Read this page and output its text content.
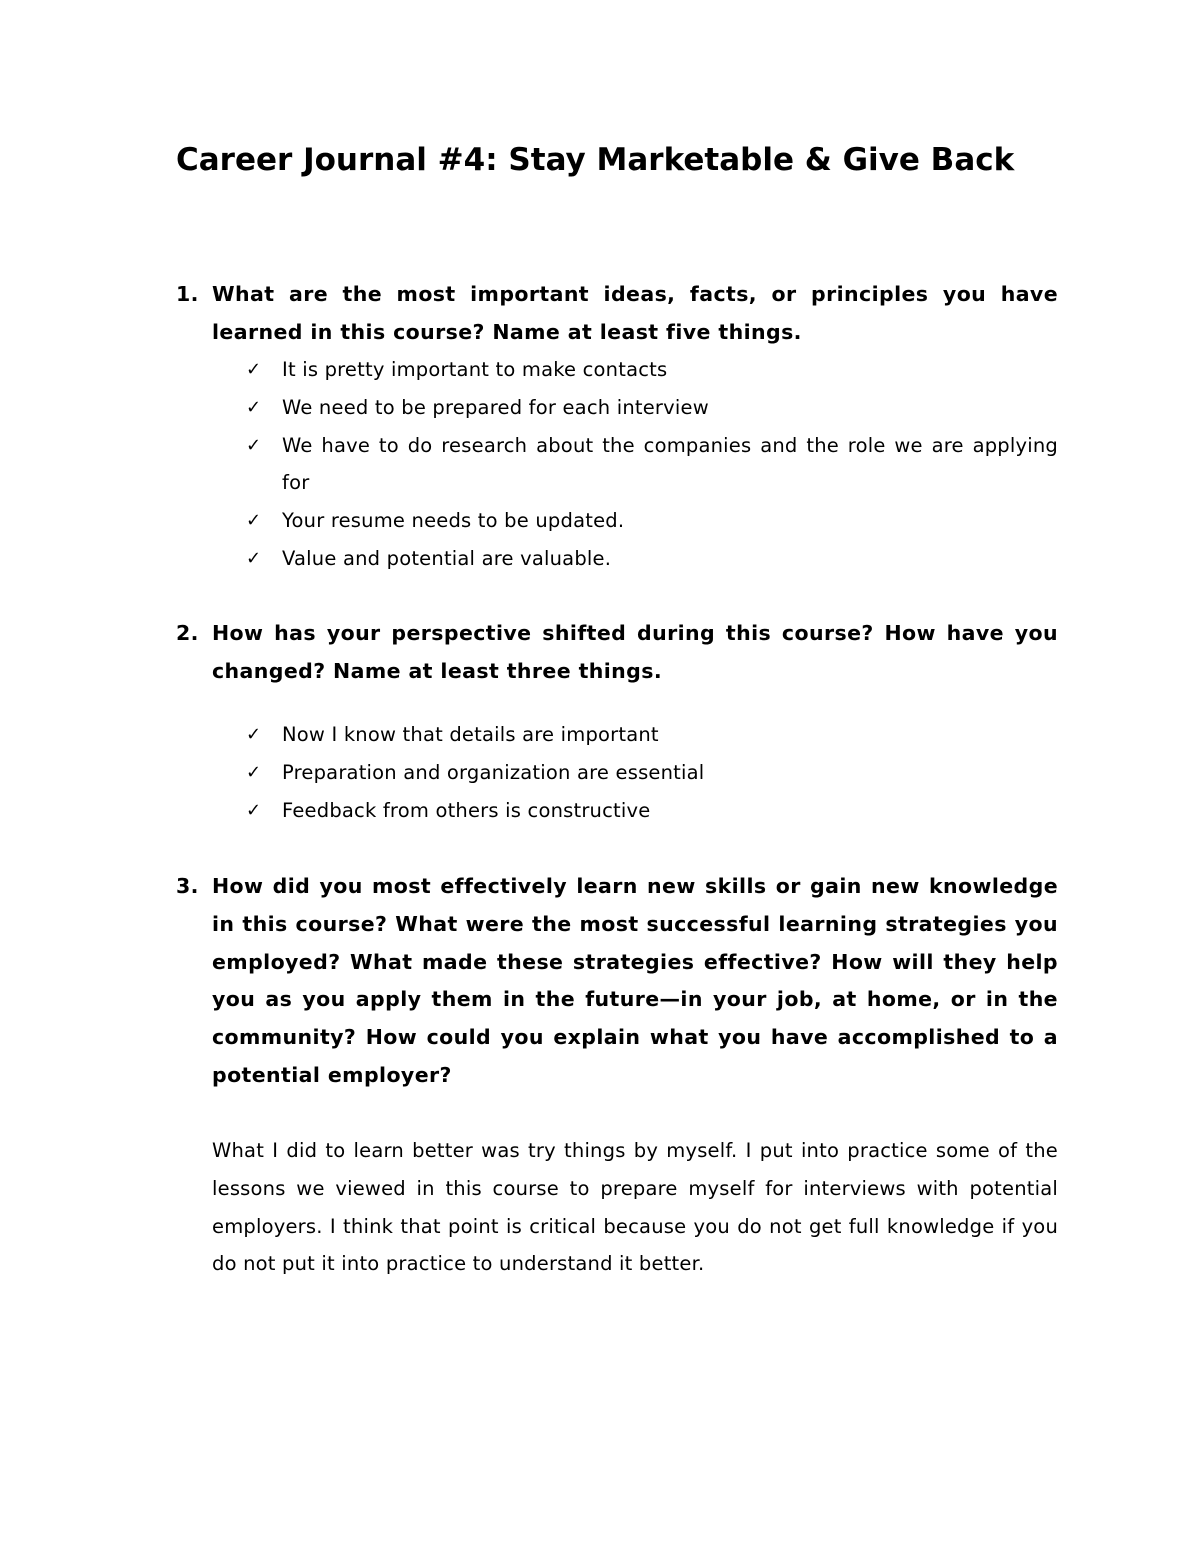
Career Journal #4: Stay Marketable & Give Back
1. What are the most important ideas, facts, or principles you have learned in this course? Name at least five things.
✓	It is pretty important to make contacts
✓	We need to be prepared for each interview
✓	We have to do research about the companies and the role we are applying for
✓	Your resume needs to be updated.
✓	Value and potential are valuable.
2. How has your perspective shifted during this course? How have you changed? Name at least three things.
✓	Now I know that details are important
✓	Preparation and organization are essential
✓	Feedback from others is constructive
3. How did you most effectively learn new skills or gain new knowledge in this course? What were the most successful learning strategies you employed? What made these strategies effective? How will they help you as you apply them in the future—in your job, at home, or in the community? How could you explain what you have accomplished to a potential employer?

What I did to learn better was try things by myself. I put into practice some of the lessons we viewed in this course to prepare myself for interviews with potential employers. I think that point is critical because you do not get full knowledge if you do not put it into practice to understand it better.
